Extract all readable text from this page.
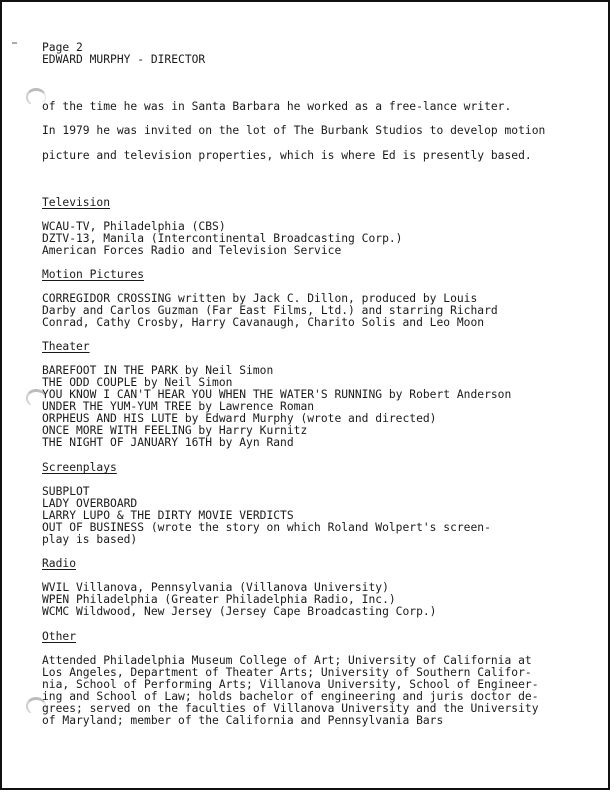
Page 2
EDWARD MURPHY - DIRECTOR
of the time he was in Santa Barbara he worked as a free-lance writer.
In 1979 he was invited on the lot of The Burbank Studios to develop motion
picture and television properties, which is where Ed is presently based.
Television
WCAU-TV, Philadelphia (CBS)
DZTV-13, Manila (Intercontinental Broadcasting Corp.)
American Forces Radio and Television Service
Motion Pictures
CORREGIDOR CROSSING written by Jack C. Dillon, produced by Louis
Darby and Carlos Guzman (Far East Films, Ltd.) and starring Richard
Conrad, Cathy Crosby, Harry Cavanaugh, Charito Solis and Leo Moon
Theater
BAREFOOT IN THE PARK by Neil Simon
THE ODD COUPLE by Neil Simon
YOU KNOW I CAN'T HEAR YOU WHEN THE WATER'S RUNNING by Robert Anderson
UNDER THE YUM-YUM TREE by Lawrence Roman
ORPHEUS AND HIS LUTE by Edward Murphy (wrote and directed)
ONCE MORE WITH FEELING by Harry Kurnitz
THE NIGHT OF JANUARY 16TH by Ayn Rand
Screenplays
SUBPLOT
LADY OVERBOARD
LARRY LUPO & THE DIRTY MOVIE VERDICTS
OUT OF BUSINESS (wrote the story on which Roland Wolpert's screen-
play is based)
Radio
WVIL Villanova, Pennsylvania (Villanova University)
WPEN Philadelphia (Greater Philadelphia Radio, Inc.)
WCMC Wildwood, New Jersey (Jersey Cape Broadcasting Corp.)
Other
Attended Philadelphia Museum College of Art; University of California at
Los Angeles, Department of Theater Arts; University of Southern Califor-
nia, School of Performing Arts; Villanova University, School of Engineer-
ing and School of Law; holds bachelor of engineering and juris doctor de-
grees; served on the faculties of Villanova University and the University
of Maryland; member of the California and Pennsylvania Bars
